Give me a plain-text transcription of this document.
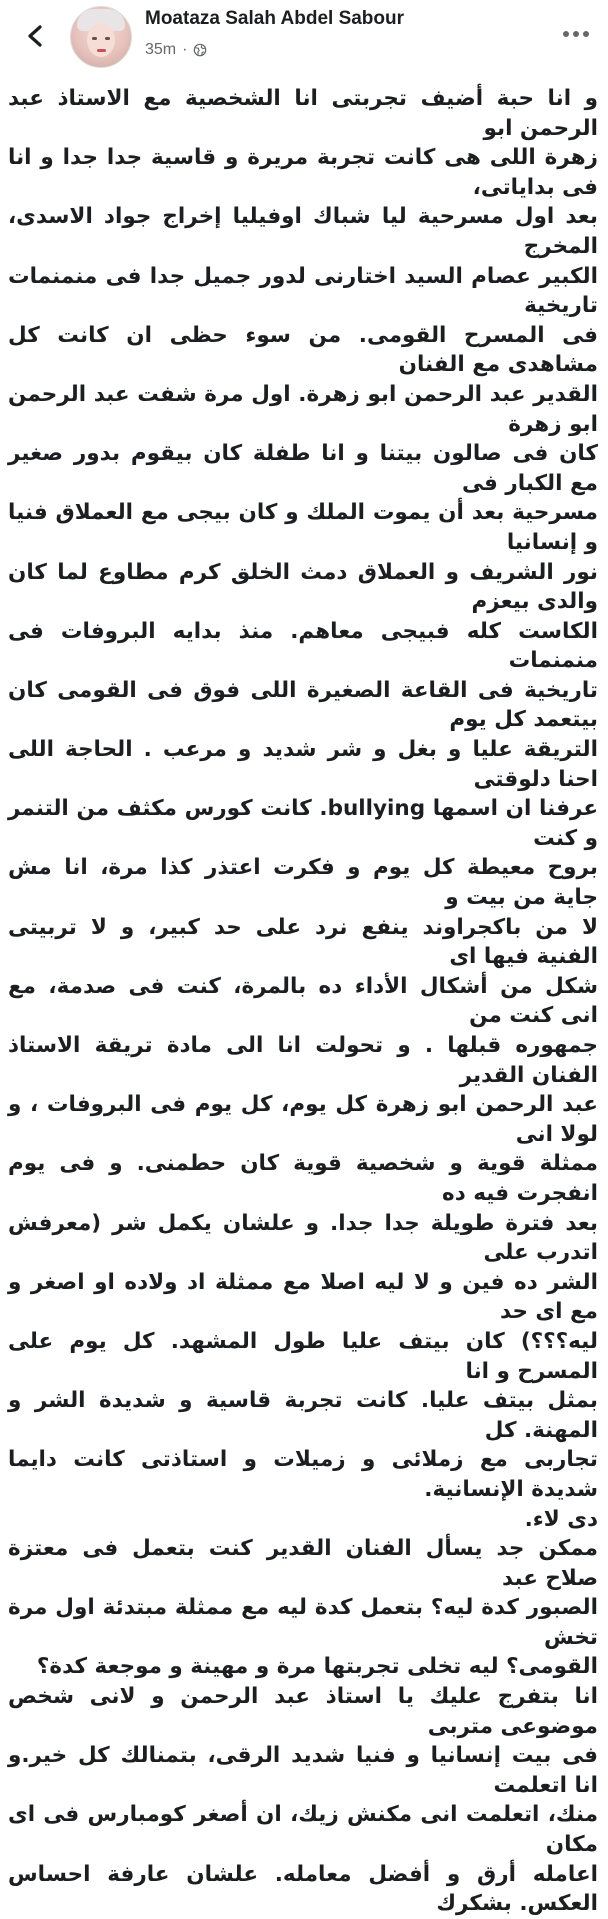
Moataza Salah Abdel Sabour
35m ·

و انا حبة أضيف تجربتى انا الشخصية مع الاستاذ عبد الرحمن ابو

زهرة اللى هى كانت تجربة مريرة و قاسية جدا جدا و انا فى بداياتى،

بعد اول مسرحية ليا شباك اوفيليا إخراج جواد الاسدى، المخرج

الكبير عصام السيد اختارنى لدور جميل جدا فى منمنمات تاريخية

فى المسرح القومى. من سوء حظى ان كانت كل مشاهدى مع الفنان

القدير عبد الرحمن ابو زهرة. اول مرة شفت عبد الرحمن ابو زهرة

كان فى صالون بيتنا و انا طفلة كان بيقوم بدور صغير مع الكبار فى

مسرحية بعد أن يموت الملك و كان بيجى مع العملاق فنيا و إنسانيا

نور الشريف و العملاق دمث الخلق كرم مطاوع لما كان والدى بيعزم

الكاست كله فبيجى معاهم. منذ بدايه البروفات فى منمنمات

تاريخية فى القاعة الصغيرة اللى فوق فى القومى كان بيتعمد كل يوم

التريقة عليا و بغل و شر شديد و مرعب . الحاجة اللى احنا دلوقتى

عرفنا ان اسمها bullying. كانت كورس مكثف من التنمر و كنت

بروح معيطة كل يوم و فكرت اعتذر كذا مرة، انا مش جاية من بيت و

لا من باكجراوند ينفع نرد على حد كبير، و لا تربيتى الفنية فيها اى

شكل من أشكال الأداء ده بالمرة، كنت فى صدمة، مع انى كنت من

جمهوره قبلها . و تحولت انا الى مادة تريقة الاستاذ الفنان القدير

عبد الرحمن ابو زهرة كل يوم، كل يوم فى البروفات ، و لولا انى

ممثلة قوية و شخصية قوية كان حطمنى. و فى يوم انفجرت فيه ده

بعد فترة طويلة جدا جدا. و علشان يكمل شر (معرفش اتدرب على

الشر ده فين و لا ليه اصلا مع ممثلة اد ولاده او اصغر و مع اى حد

ليه؟؟؟) كان بيتف عليا طول المشهد. كل يوم على المسرح و انا

بمثل بيتف عليا. كانت تجربة قاسية و شديدة الشر و المهنة. كل

تجاربى مع زملائى و زميلات و استاذتى كانت دايما شديدة الإنسانية.

دى لاء.

ممكن جد يسأل الفنان القدير كنت بتعمل فى معتزة صلاح عبد

الصبور كدة ليه؟ بتعمل كدة ليه مع ممثلة مبتدئة اول مرة تخش

القومى؟ ليه تخلى تجربتها مرة و مهينة و موجعة كدة؟

انا بتفرج عليك يا استاذ عبد الرحمن و لانى شخص موضوعى متربى

فى بيت إنسانيا و فنيا شديد الرقى، بتمنالك كل خير.و انا اتعلمت

منك، اتعلمت انى مكنش زيك، ان أصغر كومبارس فى اى مكان

اعامله أرق و أفضل معامله. علشان عارفة احساس العكس. بشكرك
